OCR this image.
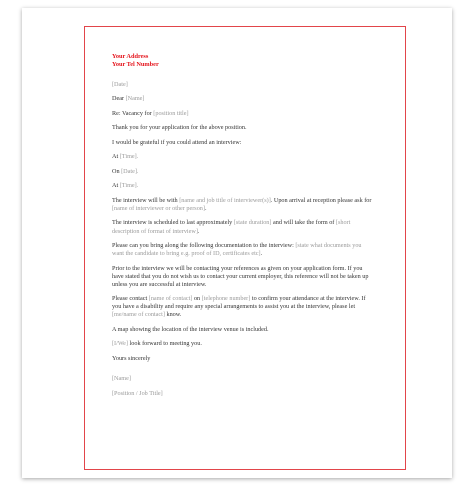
Your Address

Your Tel Number

[Date]

Dear [Name]

Re: Vacancy for [position title]

Thank you for your application for the above position.

I would be grateful if you could attend an interview:

At [Time].

On [Date].

At [Time].

The interview will be with [name and job title of interviewer(s)]. Upon arrival at reception please ask for [name of interviewer or other person].

The interview is scheduled to last approximately [state duration] and will take the form of [short description of format of interview].

Please can you bring along the following documentation to the interview: [state what documents you want the candidate to bring e.g. proof of ID, certificates etc].

Prior to the interview we will be contacting your references as given on your application form. If you have stated that you do not wish us to contact your current employer, this reference will not be taken up unless you are successful at interview.

Please contact [name of contact] on [telephone number] to confirm your attendance at the interview. If you have a disability and require any special arrangements to assist you at the interview, please let [me/name of contact] know.

A map showing the location of the interview venue is included.

[I/We] look forward to meeting you.

Yours sincerely

[Name]

[Position / Job Title]
